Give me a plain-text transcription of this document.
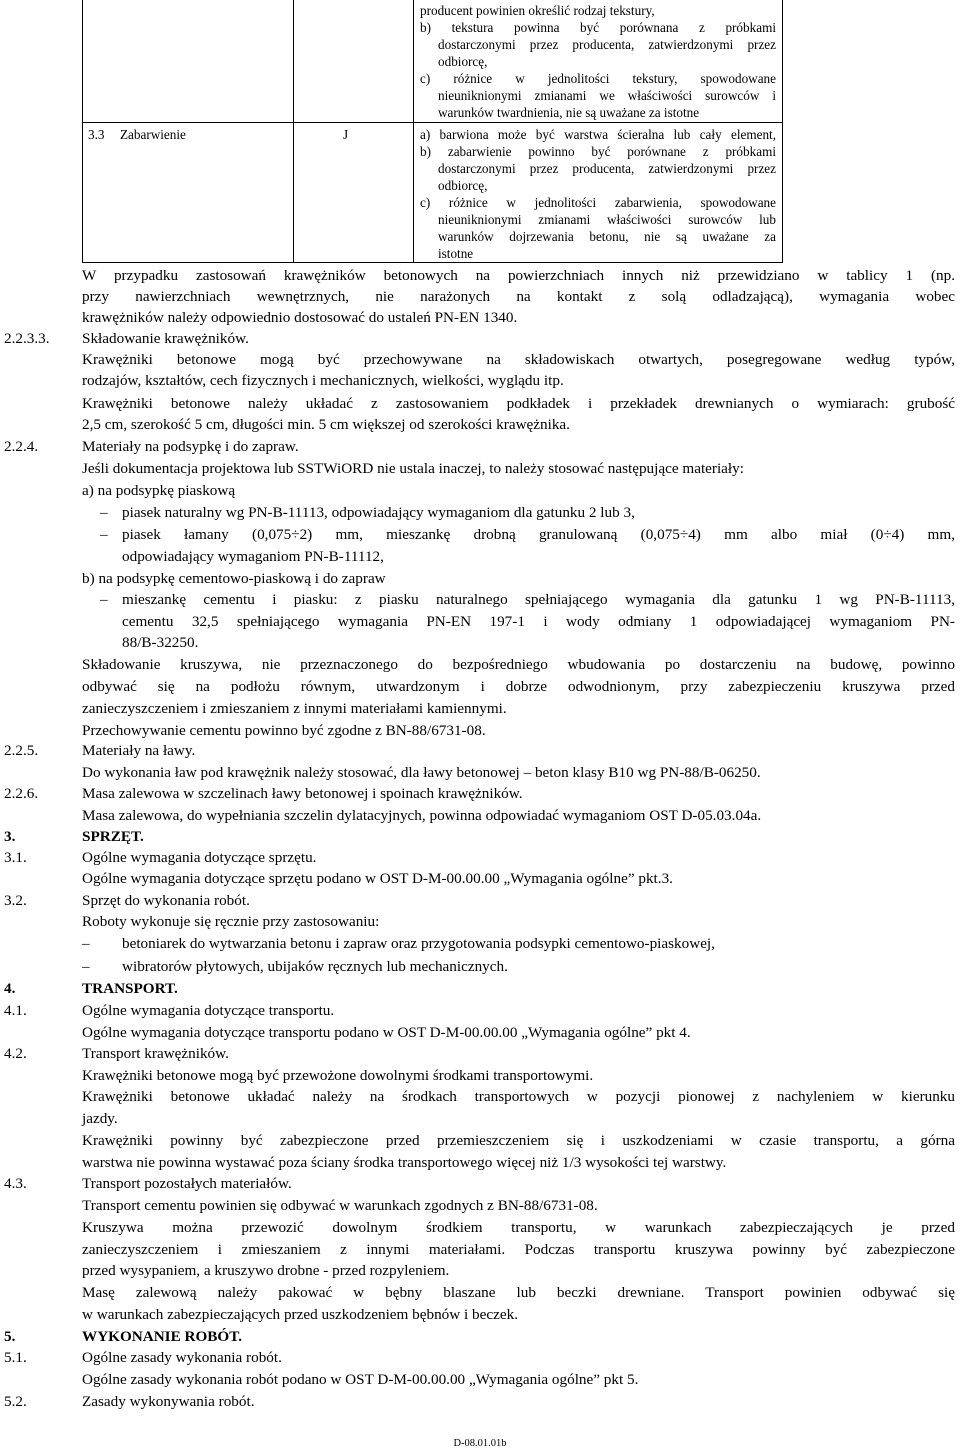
producent powinien określić rodzaj tekstury,
b) tekstura powinna być porównana z próbkami
dostarczonymi przez producenta, zatwierdzonymi przez
odbiorcę,
c) różnice w jednolitości tekstury, spowodowane
nieuniknionymi zmianami we właściwości surowców i
warunków twardnienia, nie są uważane za istotne
3.3 Zabarwienie	J	a) barwiona może być warstwa ścieralna lub cały element,
b) zabarwienie powinno być porównane z próbkami
dostarczonymi przez producenta, zatwierdzonymi przez
odbiorcę,
c) różnice w jednolitości zabarwienia, spowodowane
nieuniknionymi zmianami właściwości surowców lub
warunków dojrzewania betonu, nie są uważane za
istotne
W przypadku zastosowań krawężników betonowych na powierzchniach innych niż przewidziano w tablicy 1 (np.
przy nawierzchniach wewnętrznych, nie narażonych na kontakt z solą odladzającą), wymagania wobec
krawężników należy odpowiednio dostosować do ustaleń PN-EN 1340.
2.2.3.3. Składowanie krawężników.
Krawężniki betonowe mogą być przechowywane na składowiskach otwartych, posegregowane według typów,
rodzajów, kształtów, cech fizycznych i mechanicznych, wielkości, wyglądu itp.
Krawężniki betonowe należy układać z zastosowaniem podkładek i przekładek drewnianych o wymiarach: grubość
2,5 cm, szerokość 5 cm, długości min. 5 cm większej od szerokości krawężnika.
2.2.4.	Materiały na podsypkę i do zapraw.
Jeśli dokumentacja projektowa lub SSTWiORD nie ustala inaczej, to należy stosować następujące materiały:
a) na podsypkę piaskową
– piasek naturalny wg PN-B-11113, odpowiadający wymaganiom dla gatunku 2 lub 3,
– piasek łamany (0,075÷2) mm, mieszankę drobną granulowaną (0,075÷4) mm albo miał (0÷4) mm,
odpowiadający wymaganiom PN-B-11112,
b) na podsypkę cementowo-piaskową i do zapraw
– mieszankę cementu i piasku: z piasku naturalnego spełniającego wymagania dla gatunku 1 wg PN-B-11113,
cementu 32,5 spełniającego wymagania PN-EN 197-1 i wody odmiany 1 odpowiadającej wymaganiom PN-
88/B-32250.
Składowanie kruszywa, nie przeznaczonego do bezpośredniego wbudowania po dostarczeniu na budowę, powinno
odbywać się na podłożu równym, utwardzonym i dobrze odwodnionym, przy zabezpieczeniu kruszywa przed
zanieczyszczeniem i zmieszaniem z innymi materiałami kamiennymi.
Przechowywanie cementu powinno być zgodne z BN-88/6731-08.
2.2.5.	Materiały na ławy.
Do wykonania ław pod krawężnik należy stosować, dla ławy betonowej – beton klasy B10 wg PN-88/B-06250.
2.2.6.	Masa zalewowa w szczelinach ławy betonowej i spoinach krawężników.
Masa zalewowa, do wypełniania szczelin dylatacyjnych, powinna odpowiadać wymaganiom OST D-05.03.04a.
3.	SPRZĘT.
3.1.	Ogólne wymagania dotyczące sprzętu.
Ogólne wymagania dotyczące sprzętu podano w OST D-M-00.00.00 „Wymagania ogólne” pkt.3.
3.2.	Sprzęt do wykonania robót.
Roboty wykonuje się ręcznie przy zastosowaniu:
– betoniarek do wytwarzania betonu i zapraw oraz przygotowania podsypki cementowo-piaskowej,
– wibratorów płytowych, ubijaków ręcznych lub mechanicznych.
4.	TRANSPORT.
4.1.	Ogólne wymagania dotyczące transportu.
Ogólne wymagania dotyczące transportu podano w OST D-M-00.00.00 „Wymagania ogólne” pkt 4.
4.2.	Transport krawężników.
Krawężniki betonowe mogą być przewożone dowolnymi środkami transportowymi.
Krawężniki betonowe układać należy na środkach transportowych w pozycji pionowej z nachyleniem w kierunku
jazdy.
Krawężniki powinny być zabezpieczone przed przemieszczeniem się i uszkodzeniami w czasie transportu, a górna
warstwa nie powinna wystawać poza ściany środka transportowego więcej niż 1/3 wysokości tej warstwy.
4.3.	Transport pozostałych materiałów.
Transport cementu powinien się odbywać w warunkach zgodnych z BN-88/6731-08.
Kruszywa można przewozić dowolnym środkiem transportu, w warunkach zabezpieczających je przed
zanieczyszczeniem i zmieszaniem z innymi materiałami. Podczas transportu kruszywa powinny być zabezpieczone
przed wysypaniem, a kruszywo drobne - przed rozpyleniem.
Masę zalewową należy pakować w bębny blaszane lub beczki drewniane. Transport powinien odbywać się
w warunkach zabezpieczających przed uszkodzeniem bębnów i beczek.
5.	WYKONANIE ROBÓT.
5.1.	Ogólne zasady wykonania robót.
Ogólne zasady wykonania robót podano w OST D-M-00.00.00 „Wymagania ogólne” pkt 5.
5.2.	Zasady wykonywania robót.
D-08.01.01b
